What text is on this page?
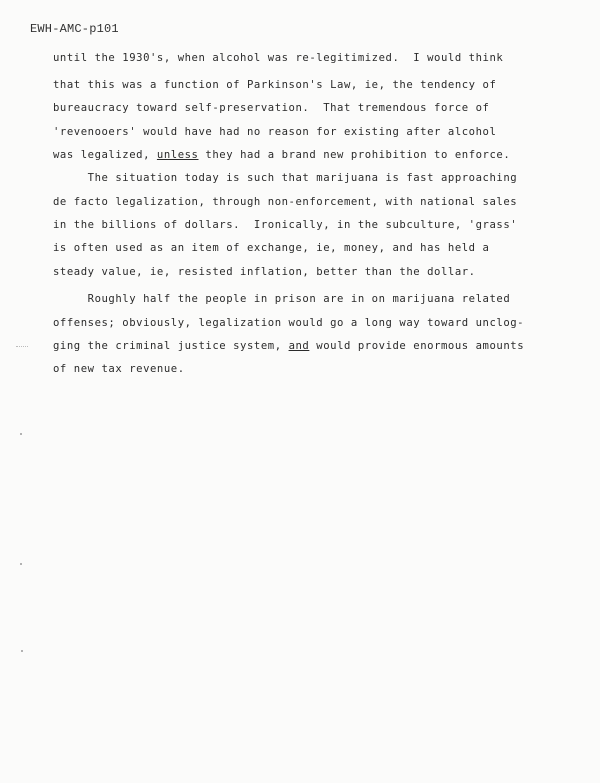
EWH-AMC-p101
until the 1930's, when alcohol was re-legitimized.  I would think
that this was a function of Parkinson's Law, ie, the tendency of
bureaucracy toward self-preservation.  That tremendous force of
'revenooers' would have had no reason for existing after alcohol
was legalized, unless they had a brand new prohibition to enforce.
The situation today is such that marijuana is fast approaching
de facto legalization, through non-enforcement, with national sales
in the billions of dollars.  Ironically, in the subculture, 'grass'
is often used as an item of exchange, ie, money, and has held a
steady value, ie, resisted inflation, better than the dollar.
Roughly half the people in prison are in on marijuana related
offenses; obviously, legalization would go a long way toward unclog-
ging the criminal justice system, and would provide enormous amounts
of new tax revenue.
